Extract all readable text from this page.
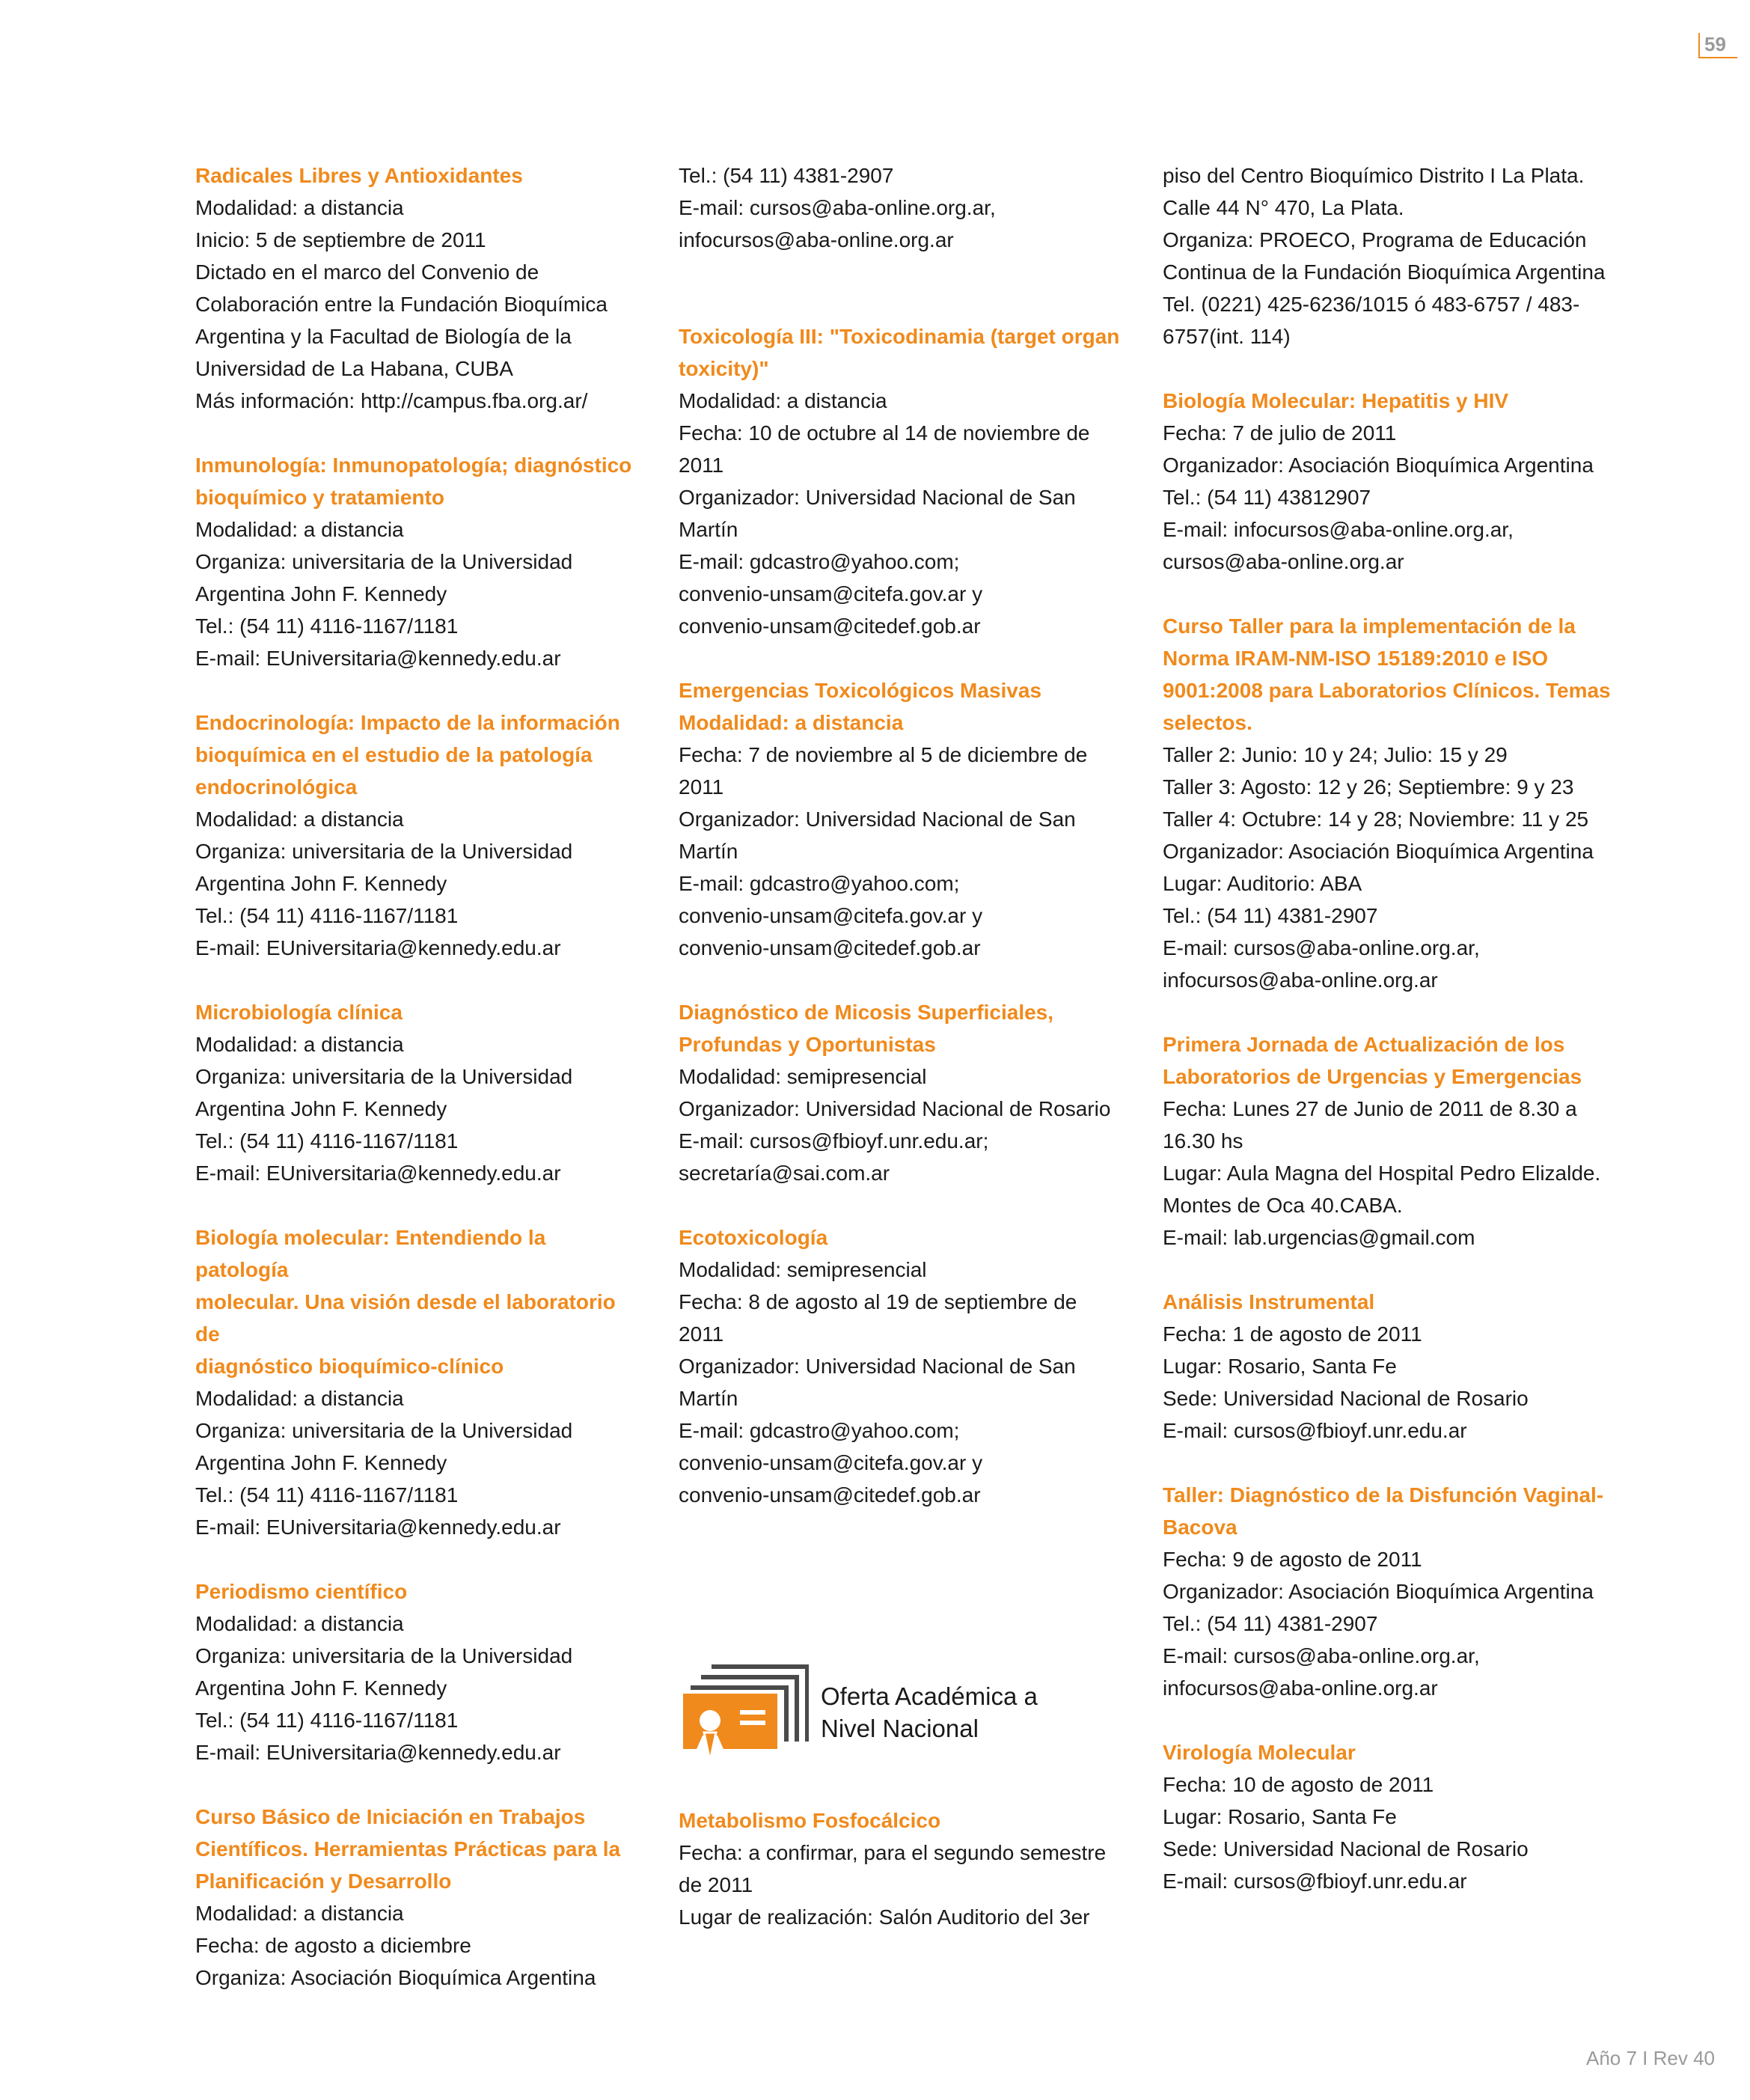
59
Radicales Libres y Antioxidantes
Modalidad: a distancia
Inicio: 5 de septiembre de 2011
Dictado en el marco del Convenio de
Colaboración entre la Fundación Bioquímica
Argentina y la Facultad de Biología de la
Universidad de La Habana, CUBA
Más información: http://campus.fba.org.ar/
Inmunología: Inmunopatología; diagnóstico
bioquímico y tratamiento
Modalidad: a distancia
Organiza: universitaria de la Universidad
Argentina John F. Kennedy
Tel.: (54 11) 4116-1167/1181
E-mail: EUniversitaria@kennedy.edu.ar
Endocrinología: Impacto de la información
bioquímica en el estudio de la patología
endocrinológica
Modalidad: a distancia
Organiza: universitaria de la Universidad
Argentina John F. Kennedy
Tel.: (54 11) 4116-1167/1181
E-mail: EUniversitaria@kennedy.edu.ar
Microbiología clínica
Modalidad: a distancia
Organiza: universitaria de la Universidad
Argentina John F. Kennedy
Tel.: (54 11) 4116-1167/1181
E-mail: EUniversitaria@kennedy.edu.ar
Biología molecular: Entendiendo la patología
molecular. Una visión desde el laboratorio de
diagnóstico bioquímico-clínico
Modalidad: a distancia
Organiza: universitaria de la Universidad
Argentina John F. Kennedy
Tel.: (54 11) 4116-1167/1181
E-mail: EUniversitaria@kennedy.edu.ar
Periodismo científico
Modalidad: a distancia
Organiza: universitaria de la Universidad
Argentina John F. Kennedy
Tel.: (54 11) 4116-1167/1181
E-mail: EUniversitaria@kennedy.edu.ar
Curso Básico de Iniciación en Trabajos
Científicos. Herramientas Prácticas para la
Planificación y Desarrollo
Modalidad: a distancia
Fecha: de agosto a diciembre
Organiza: Asociación Bioquímica Argentina
Tel.: (54 11) 4381-2907
E-mail: cursos@aba-online.org.ar,
infocursos@aba-online.org.ar
Toxicología III: "Toxicodinamia (target organ
toxicity)"
Modalidad: a distancia
Fecha: 10 de octubre al 14 de noviembre de
2011
Organizador: Universidad Nacional de San
Martín
E-mail: gdcastro@yahoo.com;
convenio-unsam@citefa.gov.ar y
convenio-unsam@citedef.gob.ar
Emergencias Toxicológicos Masivas
Modalidad: a distancia
Fecha: 7 de noviembre al 5 de diciembre de
2011
Organizador: Universidad Nacional de San
Martín
E-mail: gdcastro@yahoo.com;
convenio-unsam@citefa.gov.ar y
convenio-unsam@citedef.gob.ar
Diagnóstico de Micosis Superficiales,
Profundas y Oportunistas
Modalidad: semipresencial
Organizador: Universidad Nacional de Rosario
E-mail: cursos@fbioyf.unr.edu.ar;
secretaría@sai.com.ar
Ecotoxicología
Modalidad: semipresencial
Fecha: 8 de agosto al 19 de septiembre de 2011
Organizador: Universidad Nacional de San
Martín
E-mail: gdcastro@yahoo.com;
convenio-unsam@citefa.gov.ar y
convenio-unsam@citedef.gob.ar
Oferta Académica a
Nivel Nacional
Metabolismo Fosfocálcico
Fecha: a confirmar, para el segundo semestre
de 2011
Lugar de realización: Salón Auditorio del 3er
piso del Centro Bioquímico Distrito I La Plata.
Calle 44 N° 470, La Plata.
Organiza: PROECO, Programa de Educación
Continua de la Fundación Bioquímica Argentina
Tel. (0221) 425-6236/1015 ó 483-6757 / 483-
6757(int. 114)
Biología Molecular: Hepatitis y HIV
Fecha: 7 de julio de 2011
Organizador: Asociación Bioquímica Argentina
Tel.: (54 11) 43812907
E-mail: infocursos@aba-online.org.ar,
cursos@aba-online.org.ar
Curso Taller para la implementación de la
Norma IRAM-NM-ISO 15189:2010 e ISO
9001:2008 para Laboratorios Clínicos. Temas
selectos.
Taller 2: Junio: 10 y 24; Julio: 15 y 29
Taller 3: Agosto: 12 y 26; Septiembre: 9 y 23
Taller 4: Octubre: 14 y 28; Noviembre: 11 y 25
Organizador: Asociación Bioquímica Argentina
Lugar: Auditorio: ABA
Tel.: (54 11) 4381-2907
E-mail: cursos@aba-online.org.ar,
infocursos@aba-online.org.ar
Primera Jornada de Actualización de los
Laboratorios de Urgencias y Emergencias
Fecha: Lunes 27 de Junio de 2011 de 8.30 a
16.30 hs
Lugar: Aula Magna del Hospital Pedro Elizalde.
Montes de Oca 40.CABA.
E-mail: lab.urgencias@gmail.com
Análisis Instrumental
Fecha: 1 de agosto de 2011
Lugar: Rosario, Santa Fe
Sede: Universidad Nacional de Rosario
E-mail: cursos@fbioyf.unr.edu.ar
Taller: Diagnóstico de la Disfunción Vaginal-
Bacova
Fecha: 9 de agosto de 2011
Organizador: Asociación Bioquímica Argentina
Tel.: (54 11) 4381-2907
E-mail: cursos@aba-online.org.ar,
infocursos@aba-online.org.ar
Virología Molecular
Fecha: 10 de agosto de 2011
Lugar: Rosario, Santa Fe
Sede: Universidad Nacional de Rosario
E-mail: cursos@fbioyf.unr.edu.ar
Año 7 I Rev 40
